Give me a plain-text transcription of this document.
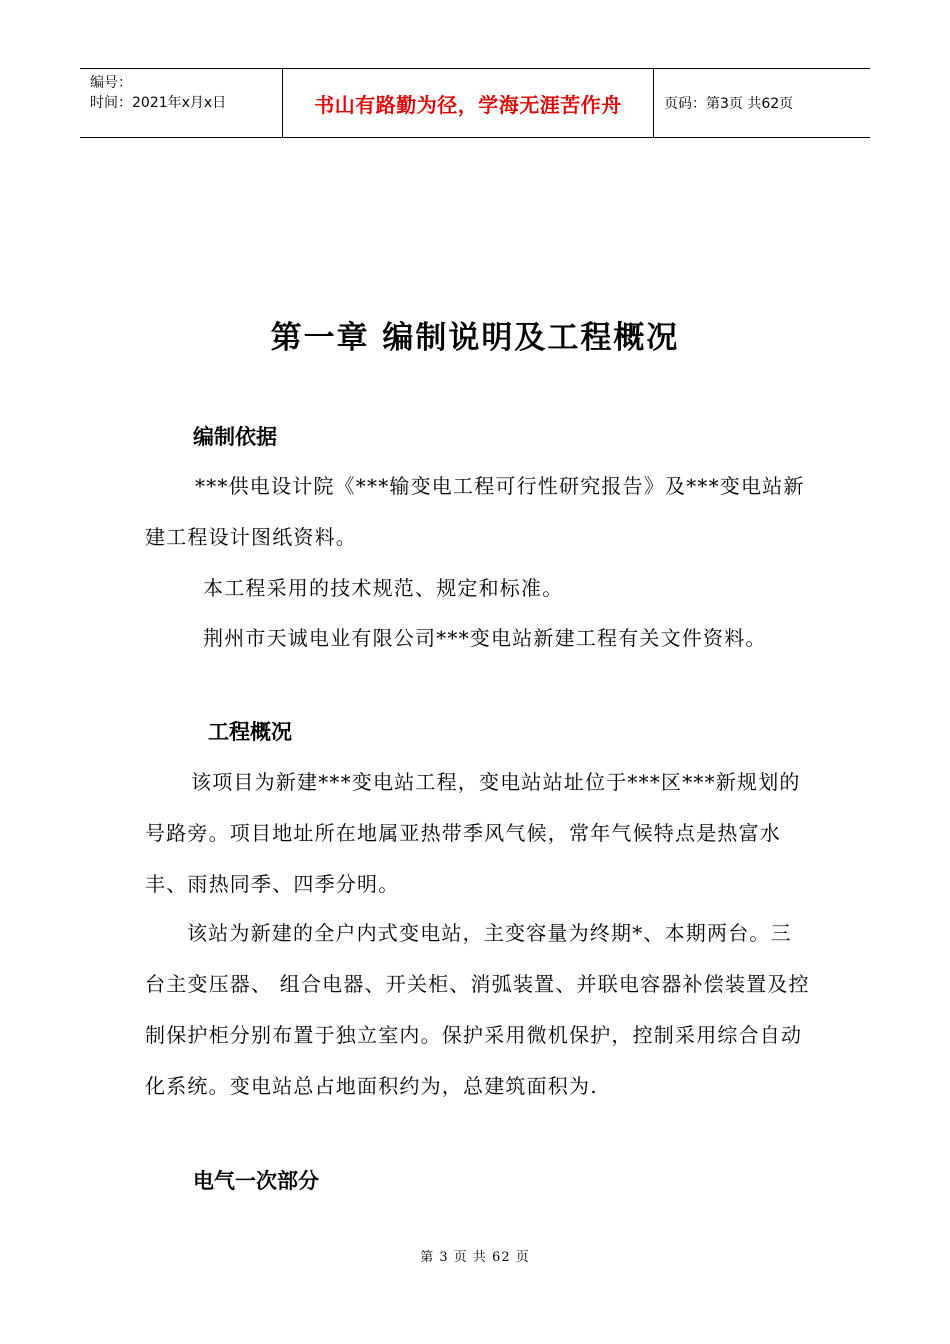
编号：
时间：2021年x月x日	书山有路勤为径，学海无涯苦作舟	页码：第3页 共62页
第一章 编制说明及工程概况
编制依据
***供电设计院《***输变电工程可行性研究报告》及***变电站新建工程设计图纸资料。
本工程采用的技术规范、规定和标准。
荆州市天诚电业有限公司***变电站新建工程有关文件资料。
工程概况
该项目为新建***变电站工程，变电站站址位于***区***新规划的号路旁。项目地址所在地属亚热带季风气候，常年气候特点是热富水丰、雨热同季、四季分明。
该站为新建的全户内式变电站，主变容量为终期*、本期两台。三台主变压器、 组合电器、开关柜、消弧装置、并联电容器补偿装置及控制保护柜分别布置于独立室内。保护采用微机保护，控制采用综合自动化系统。变电站总占地面积约为，总建筑面积为.
电气一次部分
第 3 页 共 62 页
